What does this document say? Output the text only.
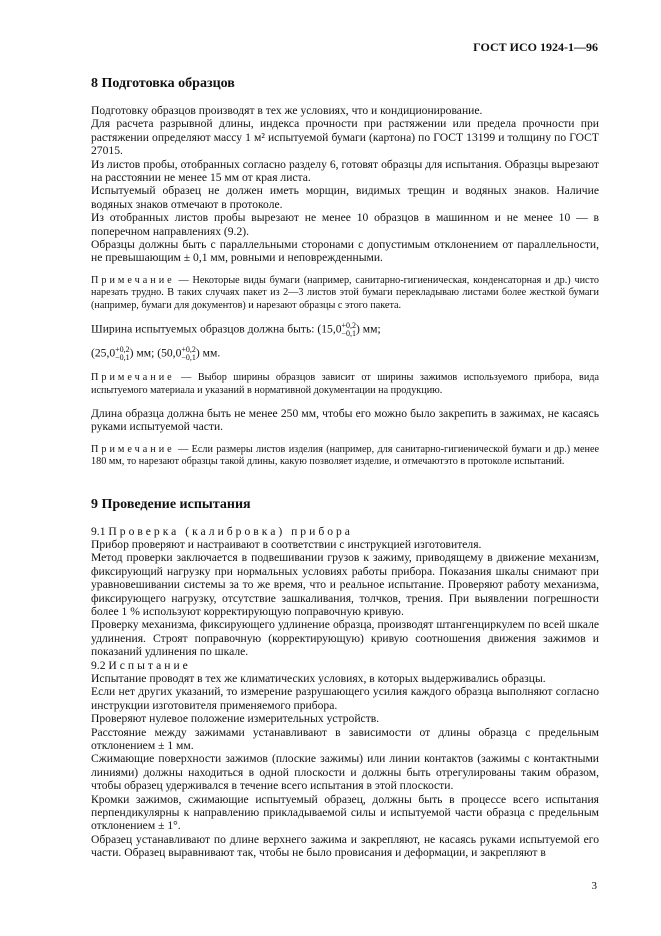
ГОСТ ИСО 1924-1—96
8 Подготовка образцов

Подготовку образцов производят в тех же условиях, что и кондиционирование.

Для расчета разрывной длины, индекса прочности при растяжении или предела прочности при растяжении определяют массу 1 м² испытуемой бумаги (картона) по ГОСТ 13199 и толщину по ГОСТ 27015.

Из листов пробы, отобранных согласно разделу 6, готовят образцы для испытания. Образцы вырезают на расстоянии не менее 15 мм от края листа.

Испытуемый образец не должен иметь морщин, видимых трещин и водяных знаков. Наличие водяных знаков отмечают в протоколе.

Из отобранных листов пробы вырезают не менее 10 образцов в машинном и не менее 10 — в поперечном направлениях (9.2).

Образцы должны быть с параллельными сторонами с допустимым отклонением от параллельности, не превышающим ± 0,1 мм, ровными и неповрежденными.

Примечание — Некоторые виды бумаги (например, санитарно-гигиеническая, конденсаторная и др.) чисто нарезать трудно. В таких случаях пакет из 2—3 листов этой бумаги перекладываю листами более жесткой бумаги (например, бумаги для документов) и нарезают образцы с этого пакета.

Ширина испытуемых образцов должна быть: (15,0 +0,2
−0,1 ) мм;

(25,0 +0,2
−0,1 ) мм; (50,0 +0,2
−0,1 ) мм.

Примечание — Выбор ширины образцов зависит от ширины зажимов используемого прибора, вида испытуемого материала и указаний в нормативной документации на продукцию.

Длина образца должна быть не менее 250 мм, чтобы его можно было закрепить в зажимах, не касаясь руками испытуемой части.

Примечание — Если размеры листов изделия (например, для санитарно-гигиенической бумаги и др.) менее 180 мм, то нарезают образцы такой длины, какую позволяет изделие, и отмечаютэто в протоколе испытаний.

9 Проведение испытания

9.1 Проверка (калибровка) прибора

Прибор проверяют и настраивают в соответствии с инструкцией изготовителя.

Метод проверки заключается в подвешивании грузов к зажиму, приводящему в движение механизм, фиксирующий нагрузку при нормальных условиях работы прибора. Показания шкалы снимают при уравновешивании системы за то же время, что и реальное испытание. Проверяют работу механизма, фиксирующего нагрузку, отсутствие зашкаливания, толчков, трения. При выявлении погрешности более 1 % используют корректирующую поправочную кривую.

Проверку механизма, фиксирующего удлинение образца, производят штангенциркулем по всей шкале удлинения. Строят поправочную (корректирующую) кривую соотношения движения зажимов и показаний удлинения по шкале.

9.2 Испытание

Испытание проводят в тех же климатических условиях, в которых выдерживались образцы.

Если нет других указаний, то измерение разрушающего усилия каждого образца выполняют согласно инструкции изготовителя применяемого прибора.

Проверяют нулевое положение измерительных устройств.

Расстояние между зажимами устанавливают в зависимости от длины образца с предельным отклонением ± 1 мм.

Сжимающие поверхности зажимов (плоские зажимы) или линии контактов (зажимы с контактными линиями) должны находиться в одной плоскости и должны быть отрегулированы таким образом, чтобы образец удерживался в течение всего испытания в этой плоскости.

Кромки зажимов, сжимающие испытуемый образец, должны быть в процессе всего испытания перпендикулярны к направлению прикладываемой силы и испытуемой части образца с предельным отклонением ± 1°.

Образец устанавливают по длине верхнего зажима и закрепляют, не касаясь руками испытуемой его части. Образец выравнивают так, чтобы не было провисания и деформации, и закрепляют в

3
